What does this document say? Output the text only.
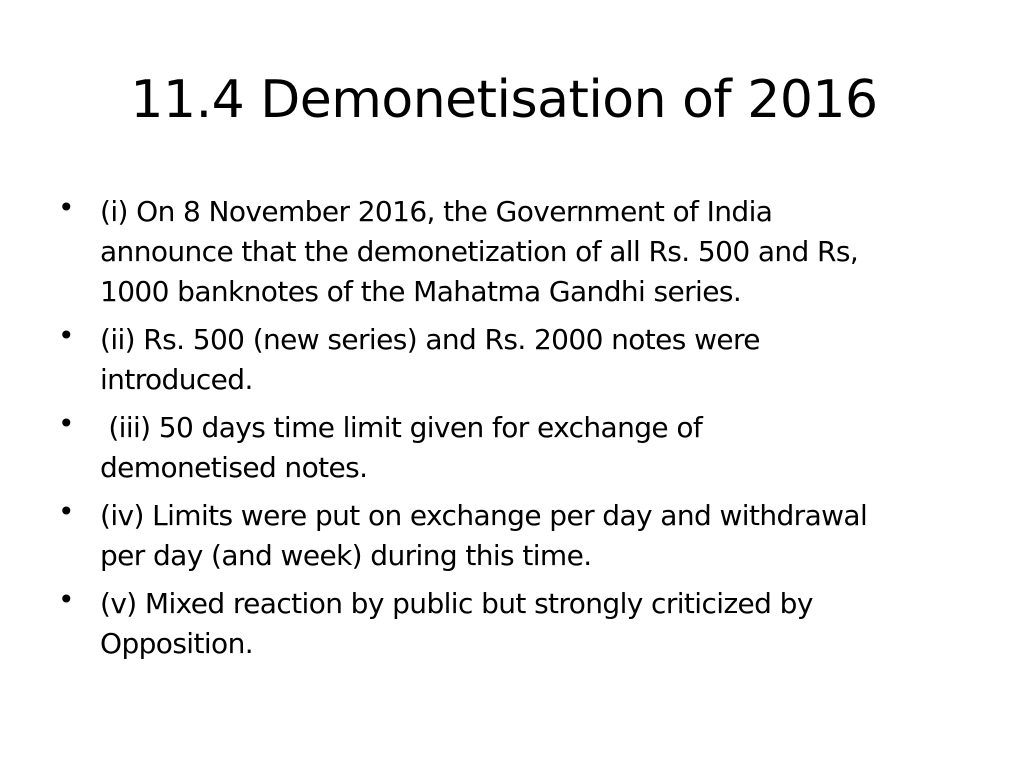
11.4 Demonetisation of 2016
• (i) On 8 November 2016, the Government of India
announce that the demonetization of all Rs. 500 and Rs,
1000 banknotes of the Mahatma Gandhi series.
• (ii) Rs. 500 (new series) and Rs. 2000 notes were
introduced.
• (iii) 50 days time limit given for exchange of
demonetised notes.
• (iv) Limits were put on exchange per day and withdrawal
per day (and week) during this time.
• (v) Mixed reaction by public but strongly criticized by
Opposition.
